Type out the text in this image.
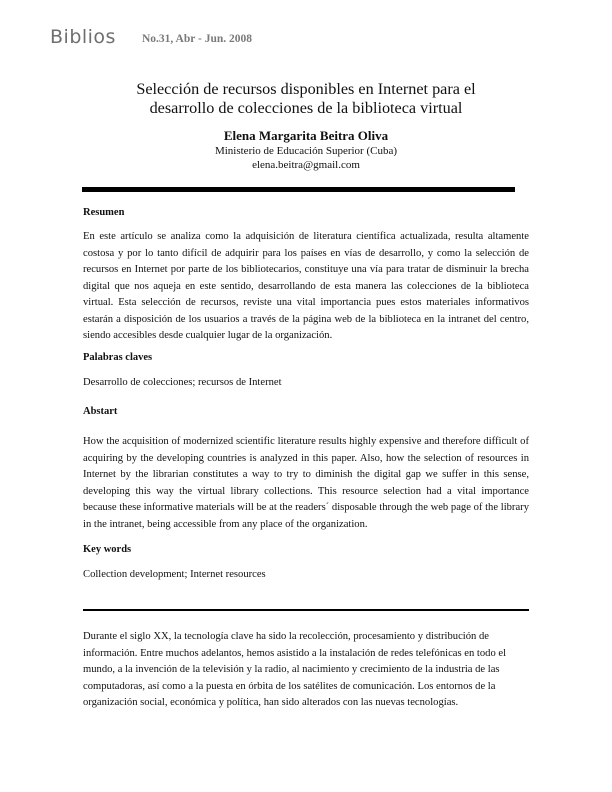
Biblios No.31, Abr - Jun. 2008
Selección de recursos disponibles en Internet para el
desarrollo de colecciones de la biblioteca virtual
Elena Margarita Beitra Oliva
Ministerio de Educación Superior (Cuba)
elena.beitra@gmail.com
Resumen
En este artículo se analiza como la adquisición de literatura científica actualizada, resulta altamente costosa y por lo tanto difícil de adquirir para los países en vías de desarrollo, y como la selección de recursos en Internet por parte de los bibliotecarios, constituye una vía para tratar de disminuir la brecha digital que nos aqueja en este sentido, desarrollando de esta manera las colecciones de la biblioteca virtual. Esta selección de recursos, reviste una vital importancia pues estos materiales informativos estarán a disposición de los usuarios a través de la página web de la biblioteca en la intranet del centro, siendo accesibles desde cualquier lugar de la organización.
Palabras claves
Desarrollo de colecciones; recursos de Internet
Abstart
How the acquisition of modernized scientific literature results highly expensive and therefore difficult of acquiring by the developing countries is analyzed in this paper. Also, how the selection of resources in Internet by the librarian constitutes a way to try to diminish the digital gap we suffer in this sense, developing this way the virtual library collections. This resource selection had a vital importance because these informative materials will be at the readers´ disposable through the web page of the library in the intranet, being accessible from any place of the organization.
Key words
Collection development; Internet resources
Durante el siglo XX, la tecnología clave ha sido la recolección, procesamiento y distribución de información. Entre muchos adelantos, hemos asistido a la instalación de redes telefónicas en todo el mundo, a la invención de la televisión y la radio, al nacimiento y crecimiento de la industria de las computadoras, así como a la puesta en órbita de los satélites de comunicación. Los entornos de la organización social, económica y política, han sido alterados con las nuevas tecnologías.
